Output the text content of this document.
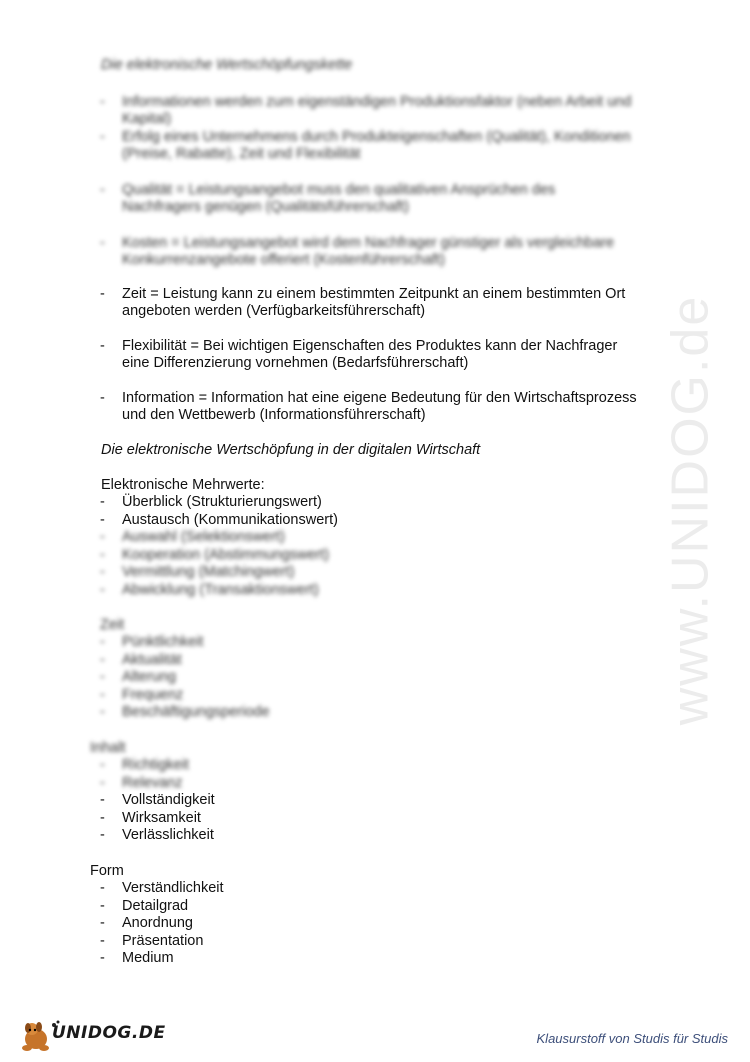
www.UNIDOG.de
Die elektronische Wertschöpfungskette
-	Informationen werden zum eigenständigen Produktionsfaktor (neben Arbeit und
Kapital)
-	Erfolg eines Unternehmens durch Produkteigenschaften (Qualität), Konditionen
(Preise, Rabatte), Zeit und Flexibilität
-	Qualität = Leistungsangebot muss den qualitativen Ansprüchen des
Nachfragers genügen (Qualitätsführerschaft)
-	Kosten = Leistungsangebot wird dem Nachfrager günstiger als vergleichbare
Konkurrenzangebote offeriert (Kostenführerschaft)
-	Zeit = Leistung kann zu einem bestimmten Zeitpunkt an einem bestimmten Ort
angeboten werden (Verfügbarkeitsführerschaft)
-	Flexibilität = Bei wichtigen Eigenschaften des Produktes kann der Nachfrager
eine Differenzierung vornehmen (Bedarfsführerschaft)
-	Information = Information hat eine eigene Bedeutung für den Wirtschaftsprozess
und den Wettbewerb (Informationsführerschaft)
Die elektronische Wertschöpfung in der digitalen Wirtschaft
Elektronische Mehrwerte:
-	Überblick (Strukturierungswert)
-	Austausch (Kommunikationswert)
-	Auswahl (Selektionswert)
-	Kooperation (Abstimmungswert)
-	Vermittlung (Matchingwert)
-	Abwicklung (Transaktionswert)
Zeit
-	Pünktlichkeit
-	Aktualität
-	Alterung
-	Frequenz
-	Beschäftigungsperiode
Inhalt
-	Richtigkeit
-	Relevanz
-	Vollständigkeit
-	Wirksamkeit
-	Verlässlichkeit
Form
-	Verständlichkeit
-	Detailgrad
-	Anordnung
-	Präsentation
-	Medium
UNIDOG.DE	Klausurstoff von Studis für Studis
